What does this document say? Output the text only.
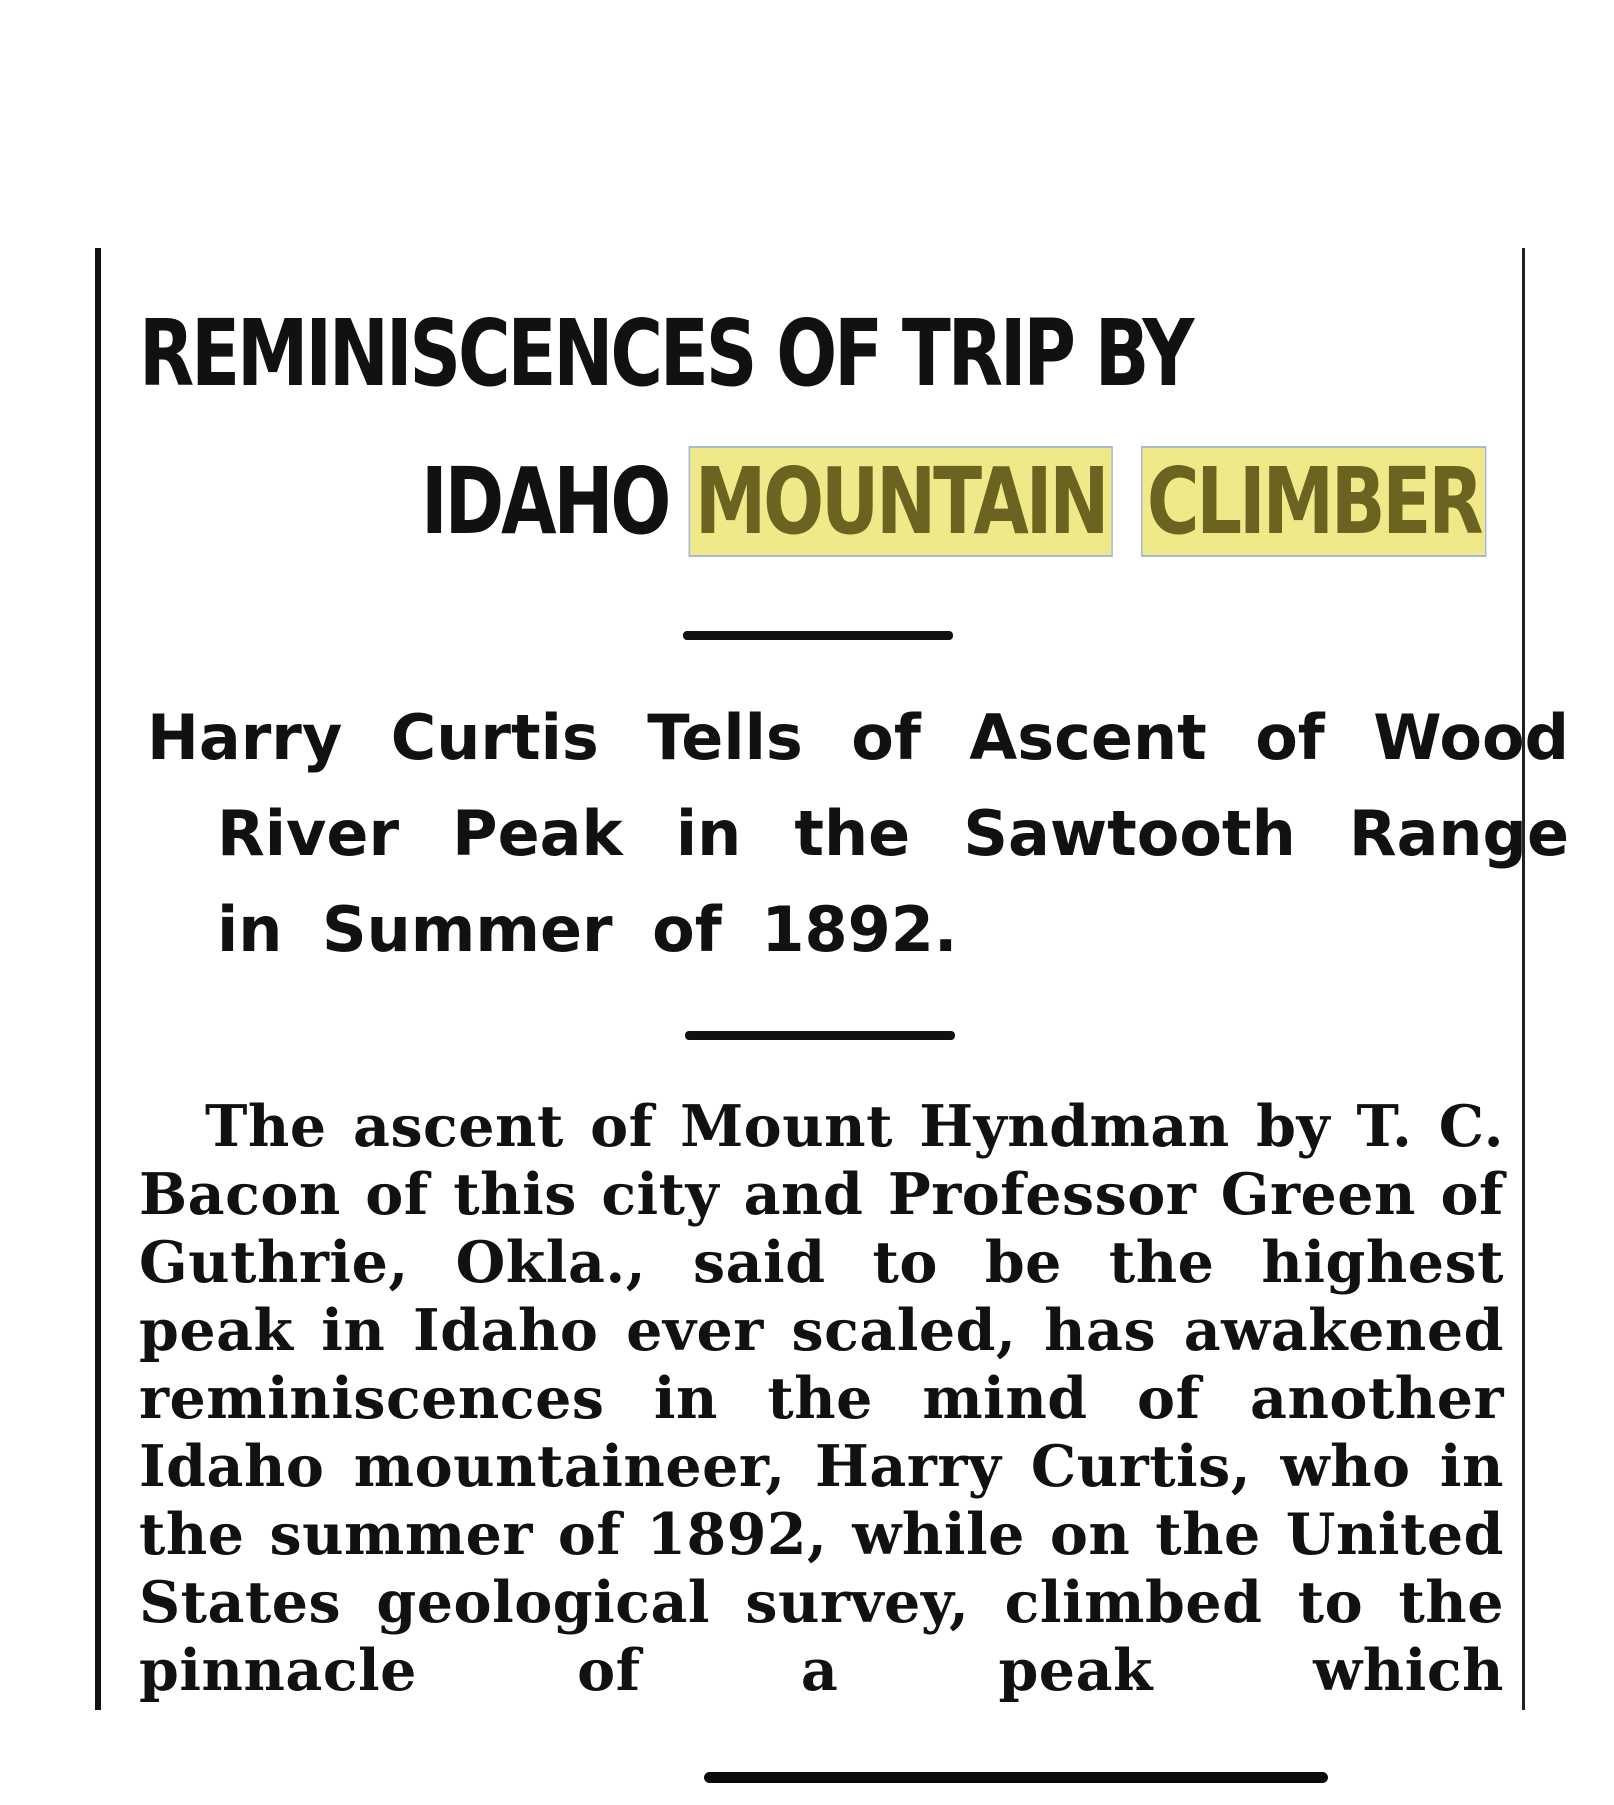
REMINISCENCES OF TRIP BY
IDAHO MOUNTAIN CLIMBER

Harry Curtis Tells of Ascent of Wood River Peak in the Sawtooth Range in Summer of 1892.

The ascent of Mount Hyndman by T. C. Bacon of this city and Professor Green of Guthrie, Okla., said to be the highest peak in Idaho ever scaled, has awakened reminiscences in the mind of another Idaho mountaineer, Harry Curtis, who in the summer of 1892, while on the United States geological survey, climbed to the pinnacle of a peak which
